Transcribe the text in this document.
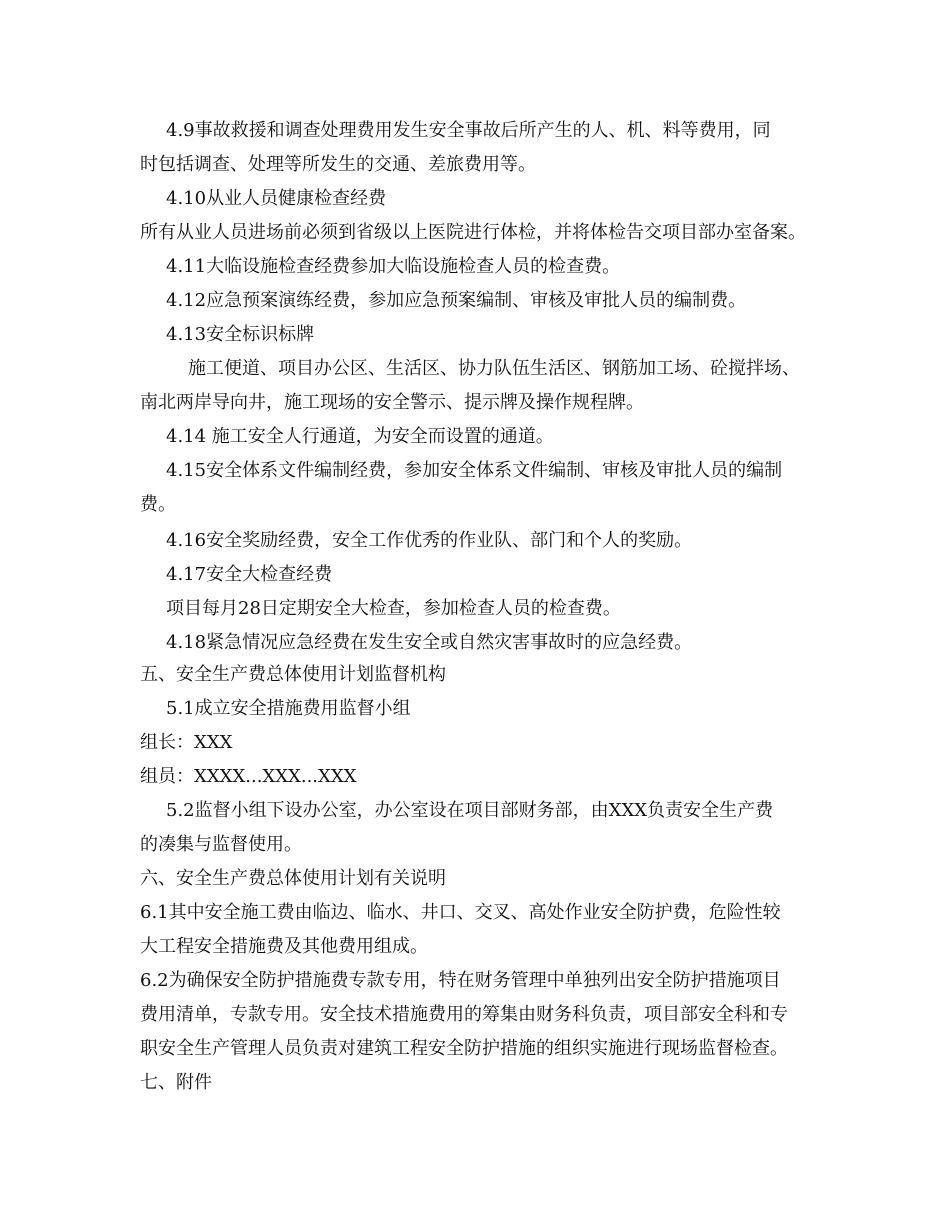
4.9事故救援和调查处理费用发生安全事故后所产生的人、机、料等费用，同
时包括调查、处理等所发生的交通、差旅费用等。
4.10从业人员健康检查经费
所有从业人员进场前必须到省级以上医院进行体检，并将体检告交项目部办室备案。
4.11大临设施检查经费参加大临设施检查人员的检查费。
4.12应急预案演练经费，参加应急预案编制、审核及审批人员的编制费。
4.13安全标识标牌
施工便道、项目办公区、生活区、协力队伍生活区、钢筋加工场、砼搅拌场、
南北两岸导向井，施工现场的安全警示、提示牌及操作规程牌。
4.14 施工安全人行通道，为安全而设置的通道。
4.15安全体系文件编制经费，参加安全体系文件编制、审核及审批人员的编制
费。
4.16安全奖励经费，安全工作优秀的作业队、部门和个人的奖励。
4.17安全大检查经费
项目每月28日定期安全大检查，参加检查人员的检查费。
4.18紧急情况应急经费在发生安全或自然灾害事故时的应急经费。
五、安全生产费总体使用计划监督机构
5.1成立安全措施费用监督小组
组长：XXX
组员：XXXX...XXX...XXX
5.2监督小组下设办公室，办公室设在项目部财务部，由XXX负责安全生产费
的凑集与监督使用。
六、安全生产费总体使用计划有关说明
6.1其中安全施工费由临边、临水、井口、交叉、高处作业安全防护费，危险性较
大工程安全措施费及其他费用组成。
6.2为确保安全防护措施费专款专用，特在财务管理中单独列出安全防护措施项目
费用清单，专款专用。安全技术措施费用的筹集由财务科负责，项目部安全科和专
职安全生产管理人员负责对建筑工程安全防护措施的组织实施进行现场监督检查。
七、附件
